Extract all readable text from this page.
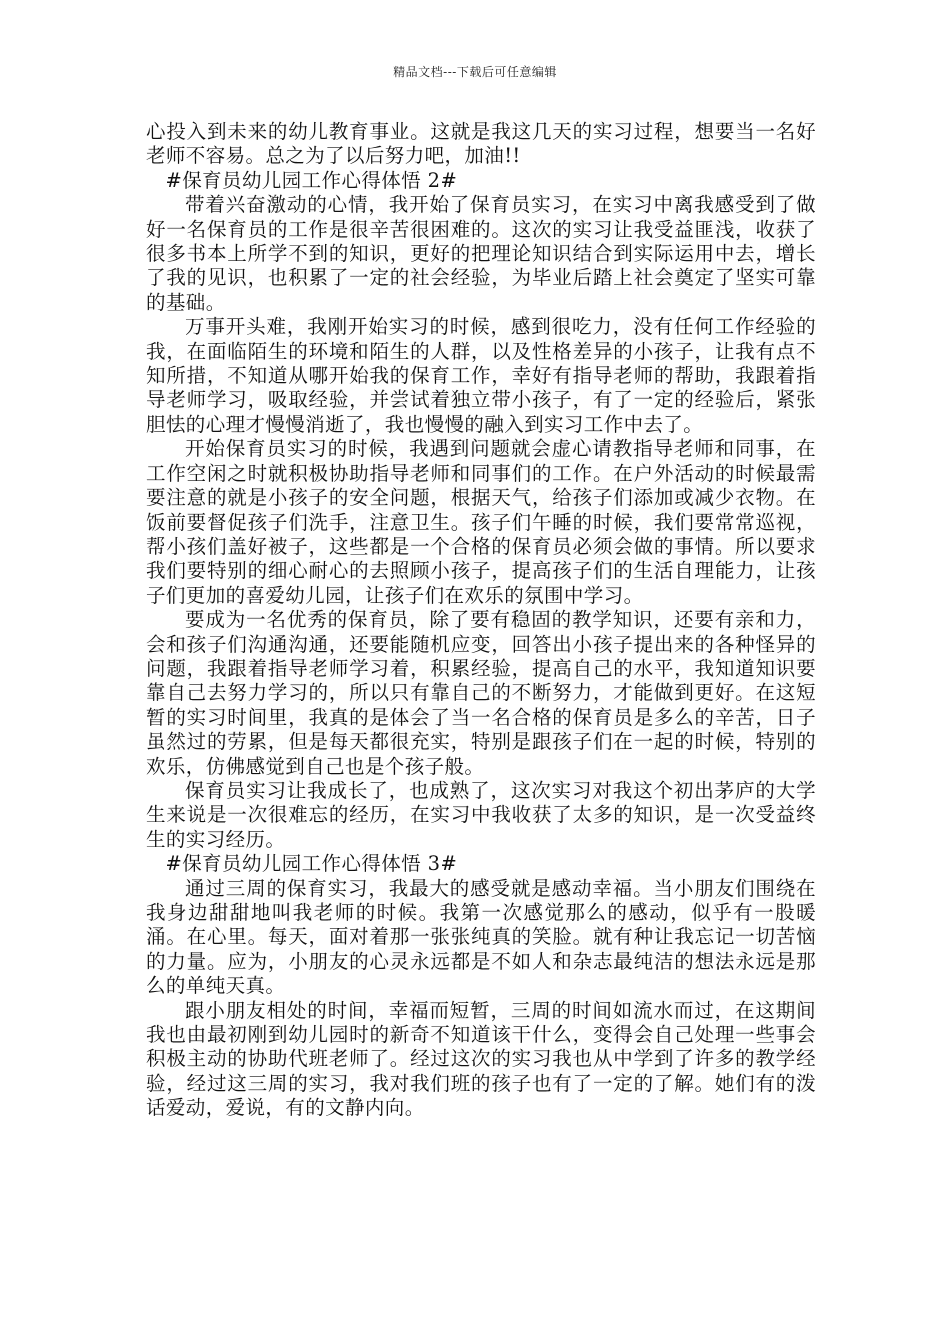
精品文档---下载后可任意编辑

心投入到未来的幼儿教育事业。这就是我这几天的实习过程，想要当一名好老师不容易。总之为了以后努力吧，加油!!

#保育员幼儿园工作心得体悟 2#

带着兴奋激动的心情，我开始了保育员实习，在实习中离我感受到了做好一名保育员的工作是很辛苦很困难的。这次的实习让我受益匪浅，收获了很多书本上所学不到的知识，更好的把理论知识结合到实际运用中去，增长了我的见识，也积累了一定的社会经验，为毕业后踏上社会奠定了坚实可靠的基础。

万事开头难，我刚开始实习的时候，感到很吃力，没有任何工作经验的我，在面临陌生的环境和陌生的人群，以及性格差异的小孩子，让我有点不知所措，不知道从哪开始我的保育工作，幸好有指导老师的帮助，我跟着指导老师学习，吸取经验，并尝试着独立带小孩子，有了一定的经验后，紧张胆怯的心理才慢慢消逝了，我也慢慢的融入到实习工作中去了。

开始保育员实习的时候，我遇到问题就会虚心请教指导老师和同事，在工作空闲之时就积极协助指导老师和同事们的工作。在户外活动的时候最需要注意的就是小孩子的安全问题，根据天气，给孩子们添加或减少衣物。在饭前要督促孩子们洗手，注意卫生。孩子们午睡的时候，我们要常常巡视，帮小孩们盖好被子，这些都是一个合格的保育员必须会做的事情。所以要求我们要特别的细心耐心的去照顾小孩子，提高孩子们的生活自理能力，让孩子们更加的喜爱幼儿园，让孩子们在欢乐的氛围中学习。

要成为一名优秀的保育员，除了要有稳固的教学知识，还要有亲和力，会和孩子们沟通沟通，还要能随机应变，回答出小孩子提出来的各种怪异的问题，我跟着指导老师学习着，积累经验，提高自己的水平，我知道知识要靠自己去努力学习的，所以只有靠自己的不断努力，才能做到更好。在这短暂的实习时间里，我真的是体会了当一名合格的保育员是多么的辛苦，日子虽然过的劳累，但是每天都很充实，特别是跟孩子们在一起的时候，特别的欢乐，仿佛感觉到自己也是个孩子般。

保育员实习让我成长了，也成熟了，这次实习对我这个初出茅庐的大学生来说是一次很难忘的经历，在实习中我收获了太多的知识，是一次受益终生的实习经历。

#保育员幼儿园工作心得体悟 3#

通过三周的保育实习，我最大的感受就是感动幸福。当小朋友们围绕在我身边甜甜地叫我老师的时候。我第一次感觉那么的感动，似乎有一股暖涌。在心里。每天，面对着那一张张纯真的笑脸。就有种让我忘记一切苦恼的力量。应为，小朋友的心灵永远都是不如人和杂志最纯洁的想法永远是那么的单纯天真。

跟小朋友相处的时间，幸福而短暂，三周的时间如流水而过，在这期间我也由最初刚到幼儿园时的新奇不知道该干什么，变得会自己处理一些事会积极主动的协助代班老师了。经过这次的实习我也从中学到了许多的教学经验，经过这三周的实习，我对我们班的孩子也有了一定的了解。她们有的泼话爱动，爱说，有的文静内向。
